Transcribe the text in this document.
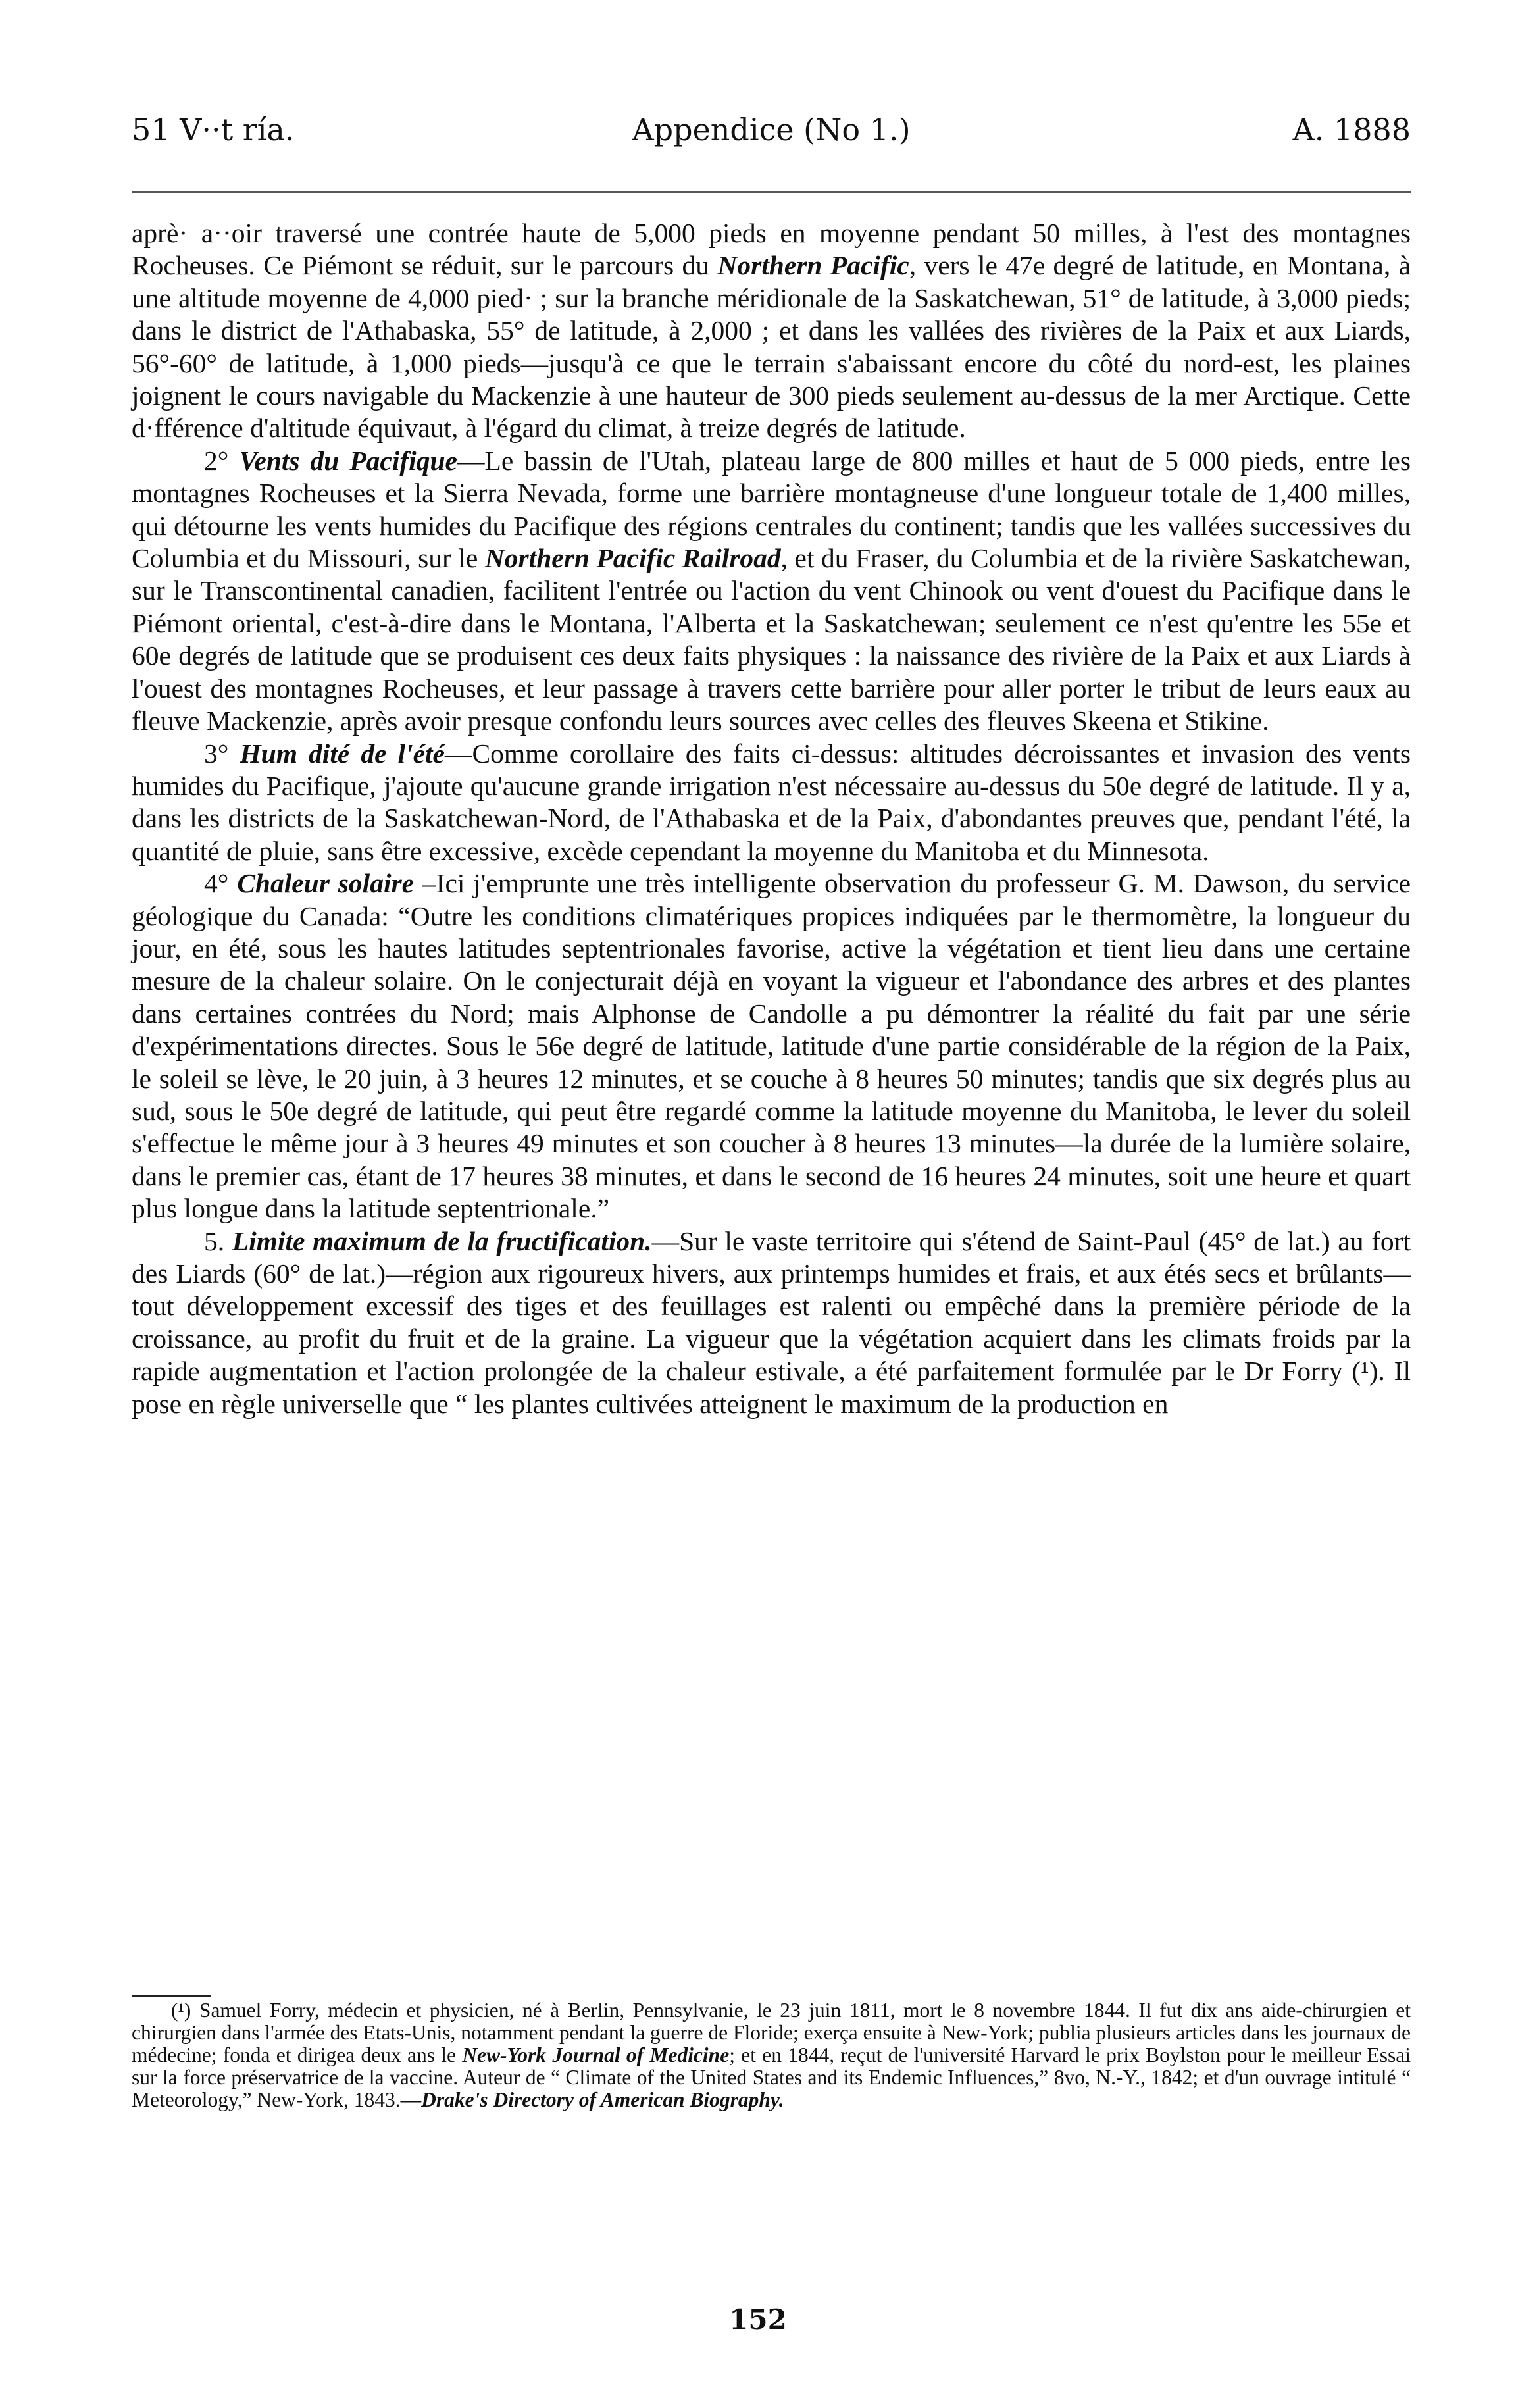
51 V··t ría.	Appendice (No 1.)	A. 1888

aprè· a··oir traversé une contrée haute de 5,000 pieds en moyenne pendant 50 milles, à l'est des montagnes Rocheuses. Ce Piémont se réduit, sur le parcours du Northern Pacific, vers le 47e degré de latitude, en Montana, à une altitude moyenne de 4,000 pied· ; sur la branche méridionale de la Saskatchewan, 51° de latitude, à 3,000 pieds; dans le district de l'Athabaska, 55° de latitude, à 2,000 ; et dans les vallées des rivières de la Paix et aux Liards, 56°-60° de latitude, à 1,000 pieds—jusqu'à ce que le terrain s'abaissant encore du côté du nord-est, les plaines joignent le cours navigable du Mackenzie à une hauteur de 300 pieds seulement au-dessus de la mer Arctique. Cette d·fférence d'altitude équivaut, à l'égard du climat, à treize degrés de latitude.

2° Vents du Pacifique—Le bassin de l'Utah, plateau large de 800 milles et haut de 5 000 pieds, entre les montagnes Rocheuses et la Sierra Nevada, forme une barrière montagneuse d'une longueur totale de 1,400 milles, qui détourne les vents humides du Pacifique des régions centrales du continent; tandis que les vallées successives du Columbia et du Missouri, sur le Northern Pacific Railroad, et du Fraser, du Columbia et de la rivière Saskatchewan, sur le Transcontinental canadien, facilitent l'entrée ou l'action du vent Chinook ou vent d'ouest du Pacifique dans le Piémont oriental, c'est-à-dire dans le Montana, l'Alberta et la Saskatchewan; seulement ce n'est qu'entre les 55e et 60e degrés de latitude que se produisent ces deux faits physiques : la naissance des rivière de la Paix et aux Liards à l'ouest des montagnes Rocheuses, et leur passage à travers cette barrière pour aller porter le tribut de leurs eaux au fleuve Mackenzie, après avoir presque confondu leurs sources avec celles des fleuves Skeena et Stikine.

3° Hum dité de l'été—Comme corollaire des faits ci-dessus: altitudes décroissantes et invasion des vents humides du Pacifique, j'ajoute qu'aucune grande irrigation n'est nécessaire au-dessus du 50e degré de latitude. Il y a, dans les districts de la Saskatchewan-Nord, de l'Athabaska et de la Paix, d'abondantes preuves que, pendant l'été, la quantité de pluie, sans être excessive, excède cependant la moyenne du Manitoba et du Minnesota.

4° Chaleur solaire –Ici j'emprunte une très intelligente observation du professeur G. M. Dawson, du service géologique du Canada: “Outre les conditions climatériques propices indiquées par le thermomètre, la longueur du jour, en été, sous les hautes latitudes septentrionales favorise, active la végétation et tient lieu dans une certaine mesure de la chaleur solaire. On le conjecturait déjà en voyant la vigueur et l'abondance des arbres et des plantes dans certaines contrées du Nord; mais Alphonse de Candolle a pu démontrer la réalité du fait par une série d'expérimentations directes. Sous le 56e degré de latitude, latitude d'une partie considérable de la région de la Paix, le soleil se lève, le 20 juin, à 3 heures 12 minutes, et se couche à 8 heures 50 minutes; tandis que six degrés plus au sud, sous le 50e degré de latitude, qui peut être regardé comme la latitude moyenne du Manitoba, le lever du soleil s'effectue le même jour à 3 heures 49 minutes et son coucher à 8 heures 13 minutes—la durée de la lumière solaire, dans le premier cas, étant de 17 heures 38 minutes, et dans le second de 16 heures 24 minutes, soit une heure et quart plus longue dans la latitude septentrionale.”

5. Limite maximum de la fructification.—Sur le vaste territoire qui s'étend de Saint-Paul (45° de lat.) au fort des Liards (60° de lat.)—région aux rigoureux hivers, aux printemps humides et frais, et aux étés secs et brûlants—tout développement excessif des tiges et des feuillages est ralenti ou empêché dans la première période de la croissance, au profit du fruit et de la graine. La vigueur que la végétation acquiert dans les climats froids par la rapide augmentation et l'action prolongée de la chaleur estivale, a été parfaitement formulée par le Dr Forry (¹). Il pose en règle universelle que “ les plantes cultivées atteignent le maximum de la production en

(¹) Samuel Forry, médecin et physicien, né à Berlin, Pennsylvanie, le 23 juin 1811, mort le 8 novembre 1844. Il fut dix ans aide-chirurgien et chirurgien dans l'armée des Etats-Unis, notamment pendant la guerre de Floride; exerça ensuite à New-York; publia plusieurs articles dans les journaux de médecine; fonda et dirigea deux ans le New-York Journal of Medicine; et en 1844, reçut de l'université Harvard le prix Boylston pour le meilleur Essai sur la force préservatrice de la vaccine. Auteur de “ Climate of the United States and its Endemic Influences,” 8vo, N.-Y., 1842; et d'un ouvrage intitulé “ Meteorology,” New-York, 1843.—Drake's Directory of American Biography.

152
